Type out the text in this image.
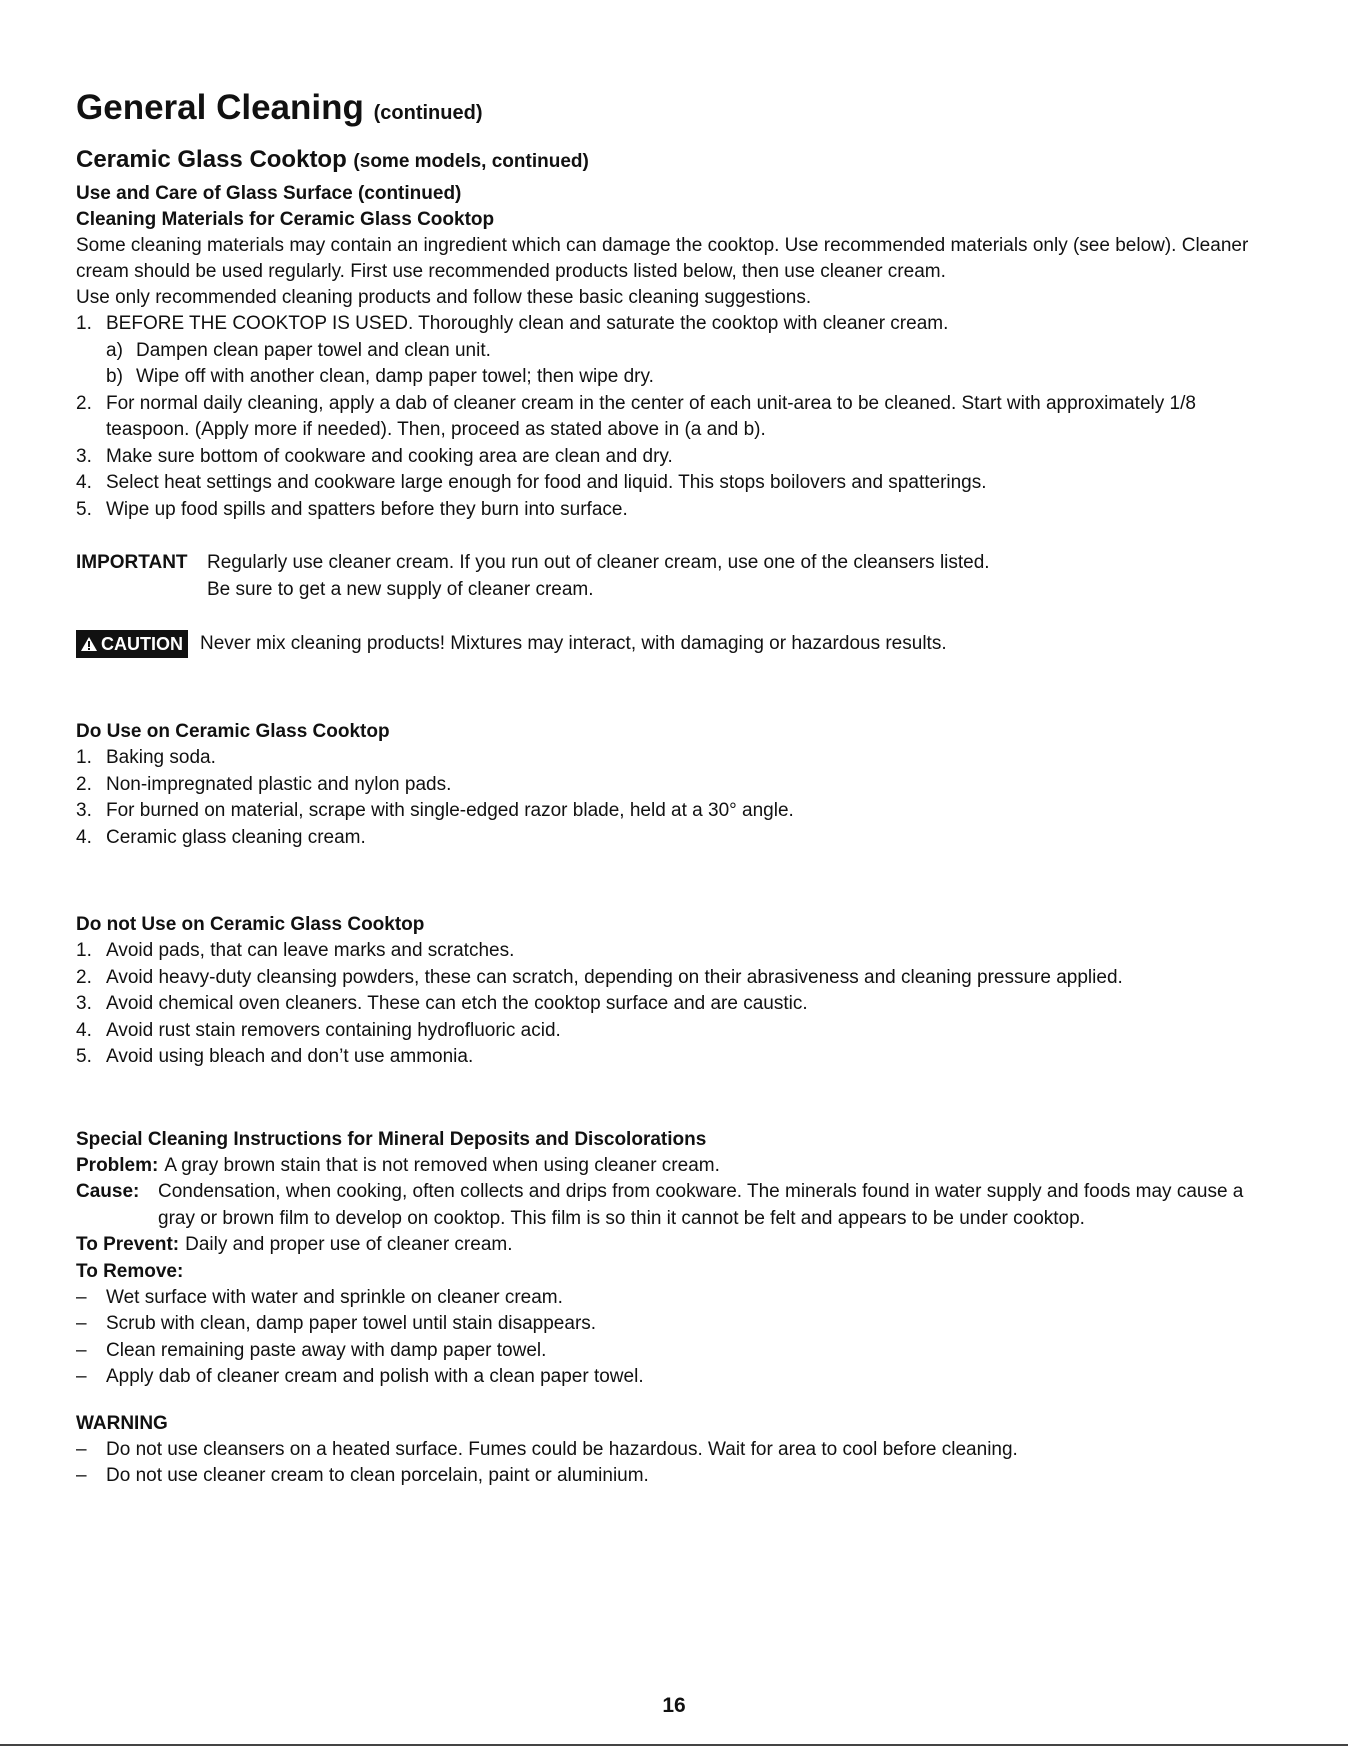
General Cleaning (continued)
Ceramic Glass Cooktop (some models, continued)
Use and Care of Glass Surface (continued)
Cleaning Materials for Ceramic Glass Cooktop
Some cleaning materials may contain an ingredient which can damage the cooktop. Use recommended materials only (see below). Cleaner cream should be used regularly. First use recommended products listed below, then use cleaner cream.
Use only recommended cleaning products and follow these basic cleaning suggestions.
1. BEFORE THE COOKTOP IS USED. Thoroughly clean and saturate the cooktop with cleaner cream.
a) Dampen clean paper towel and clean unit.
b) Wipe off with another clean, damp paper towel; then wipe dry.
2. For normal daily cleaning, apply a dab of cleaner cream in the center of each unit-area to be cleaned. Start with approximately 1/8 teaspoon. (Apply more if needed). Then, proceed as stated above in (a and b).
3. Make sure bottom of cookware and cooking area are clean and dry.
4. Select heat settings and cookware large enough for food and liquid. This stops boilovers and spatterings.
5. Wipe up food spills and spatters before they burn into surface.
IMPORTANT	Regularly use cleaner cream. If you run out of cleaner cream, use one of the cleansers listed.
Be sure to get a new supply of cleaner cream.
CAUTION Never mix cleaning products! Mixtures may interact, with damaging or hazardous results.
Do Use on Ceramic Glass Cooktop
1. Baking soda.
2. Non-impregnated plastic and nylon pads.
3. For burned on material, scrape with single-edged razor blade, held at a 30° angle.
4. Ceramic glass cleaning cream.
Do not Use on Ceramic Glass Cooktop
1. Avoid pads, that can leave marks and scratches.
2. Avoid heavy-duty cleansing powders, these can scratch, depending on their abrasiveness and cleaning pressure applied.
3. Avoid chemical oven cleaners. These can etch the cooktop surface and are caustic.
4. Avoid rust stain removers containing hydrofluoric acid.
5. Avoid using bleach and don’t use ammonia.
Special Cleaning Instructions for Mineral Deposits and Discolorations
Problem: A gray brown stain that is not removed when using cleaner cream.
Cause: Condensation, when cooking, often collects and drips from cookware. The minerals found in water supply and foods may cause a gray or brown film to develop on cooktop. This film is so thin it cannot be felt and appears to be under cooktop.
To Prevent: Daily and proper use of cleaner cream.
To Remove:
–	Wet surface with water and sprinkle on cleaner cream.
–	Scrub with clean, damp paper towel until stain disappears.
–	Clean remaining paste away with damp paper towel.
–	Apply dab of cleaner cream and polish with a clean paper towel.
WARNING
–	Do not use cleansers on a heated surface. Fumes could be hazardous. Wait for area to cool before cleaning.
–	Do not use cleaner cream to clean porcelain, paint or aluminium.
16
